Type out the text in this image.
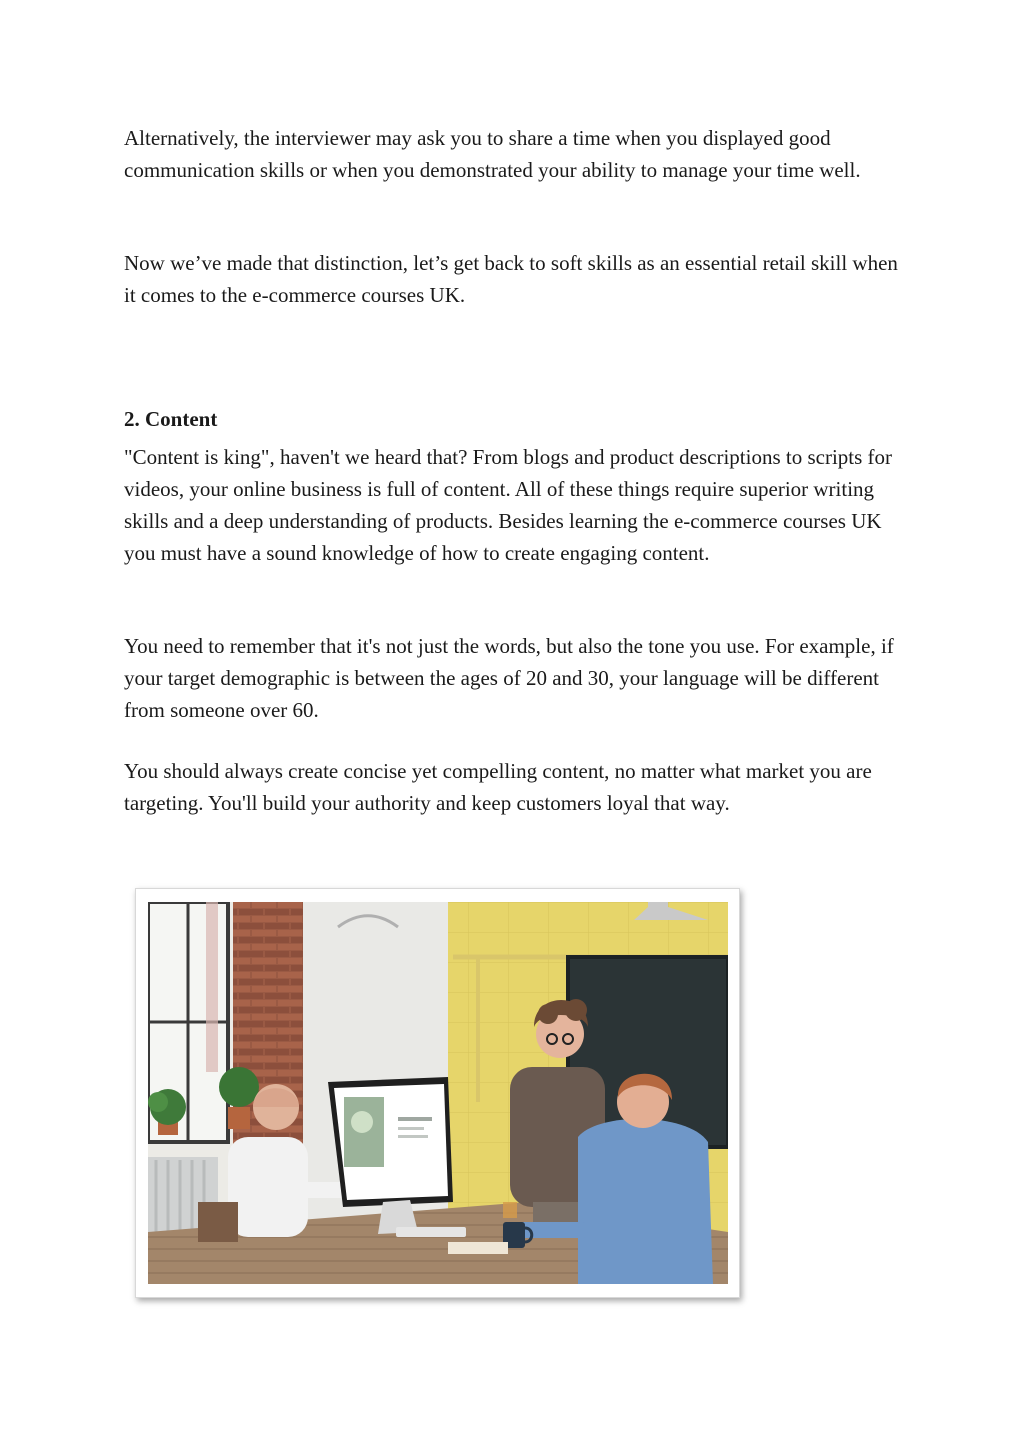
Alternatively, the interviewer may ask you to share a time when you displayed good communication skills or when you demonstrated your ability to manage your time well.

Now we’ve made that distinction, let’s get back to soft skills as an essential retail skill when it comes to the e-commerce courses UK.

2. Content

"Content is king", haven't we heard that? From blogs and product descriptions to scripts for videos, your online business is full of content. All of these things require superior writing skills and a deep understanding of products. Besides learning the e-commerce courses UK you must have a sound knowledge of how to create engaging content.

You need to remember that it's not just the words, but also the tone you use. For example, if your target demographic is between the ages of 20 and 30, your language will be different from someone over 60.

You should always create concise yet compelling content, no matter what market you are targeting. You'll build your authority and keep customers loyal that way.
